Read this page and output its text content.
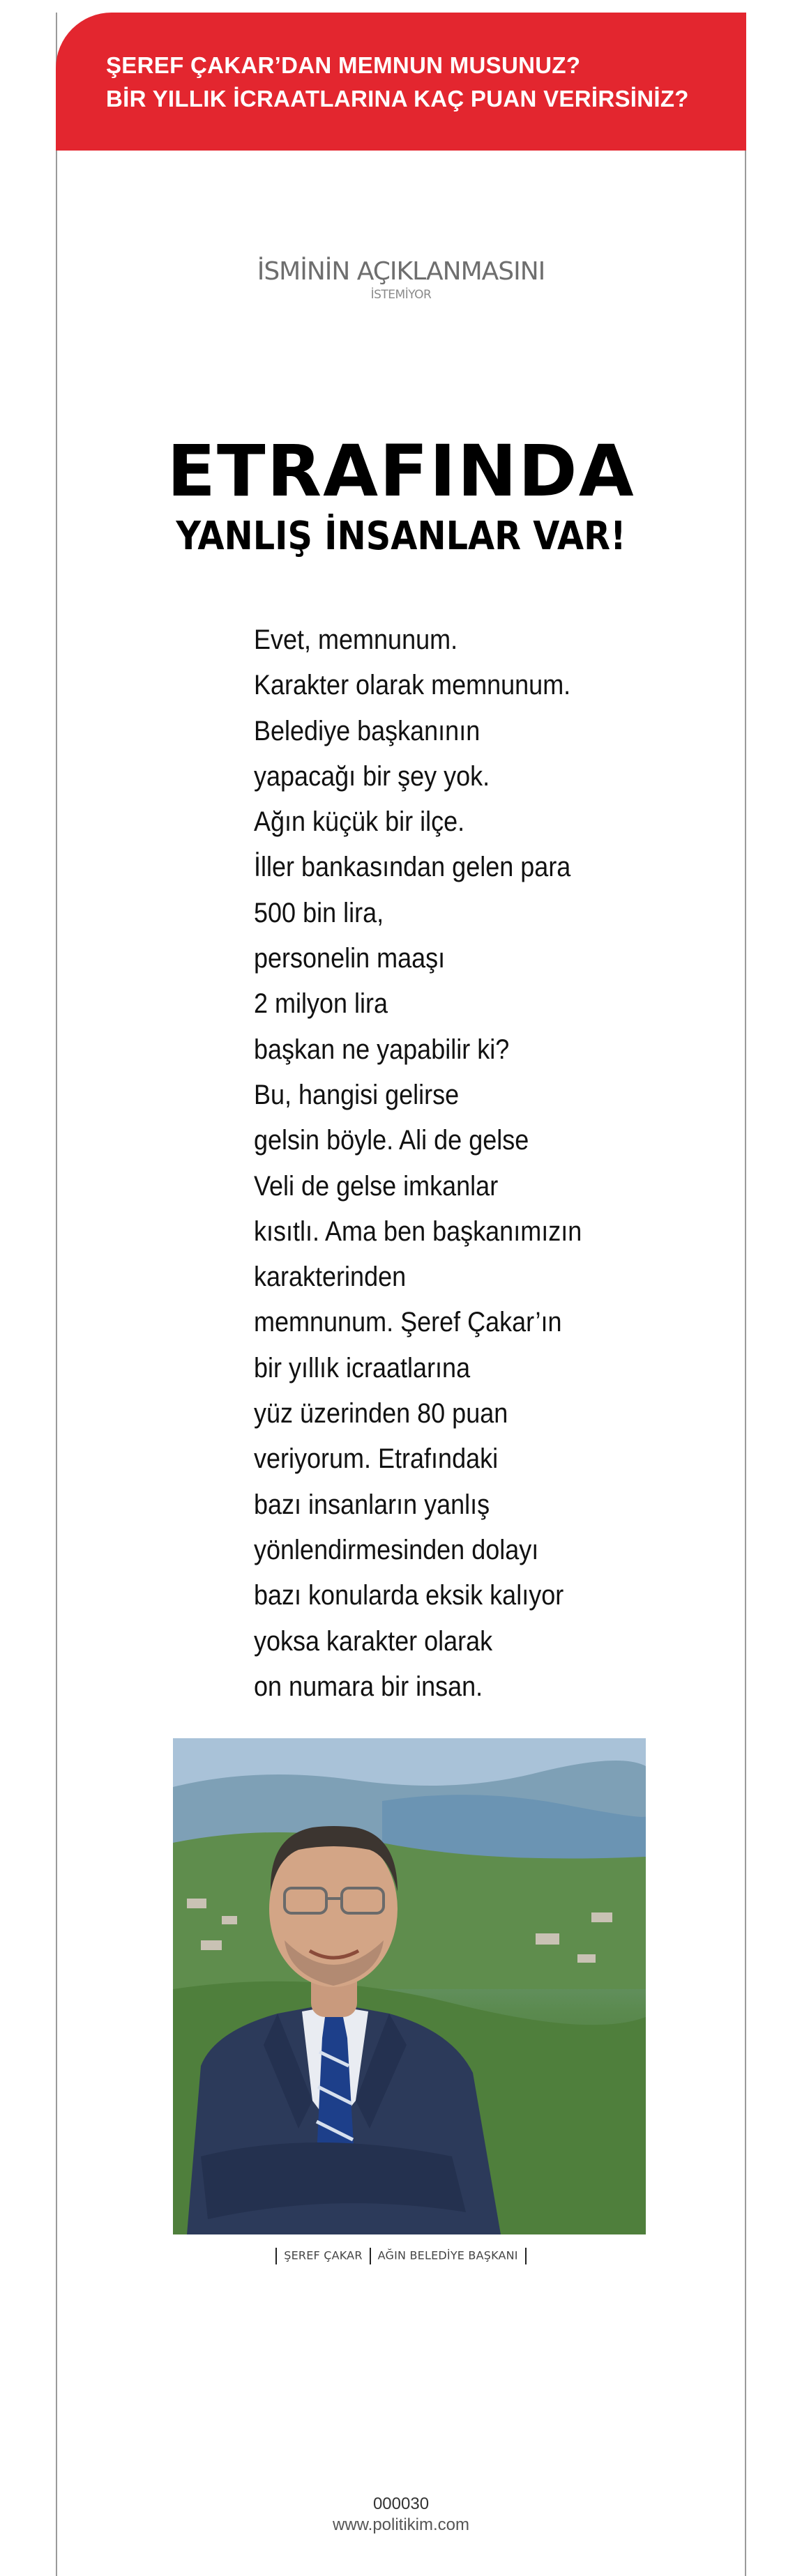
ŞEREF ÇAKAR’DAN MEMNUN MUSUNUZ?
BİR YILLIK İCRAATLARINA KAÇ PUAN VERİRSİNİZ?
İSMİNİN AÇIKLANMASINI
İSTEMİYOR
ETRAFINDA
YANLIŞ İNSANLAR VAR!
Evet, memnunum.
Karakter olarak memnunum.
Belediye başkanının
yapacağı bir şey yok.
Ağın küçük bir ilçe.
İller bankasından gelen para
500 bin lira,
personelin maaşı
2 milyon lira
başkan ne yapabilir ki?
Bu, hangisi gelirse
gelsin böyle. Ali de gelse
Veli de gelse imkanlar
kısıtlı. Ama ben başkanımızın
karakterinden
memnunum. Şeref Çakar’ın
bir yıllık icraatlarına
yüz üzerinden 80 puan
veriyorum. Etrafındaki
bazı insanların yanlış
yönlendirmesinden dolayı
bazı konularda eksik kalıyor
yoksa karakter olarak
on numara bir insan.
ŞEREF ÇAKAR AĞIN BELEDİYE BAŞKANI
000030
www.politikim.com
